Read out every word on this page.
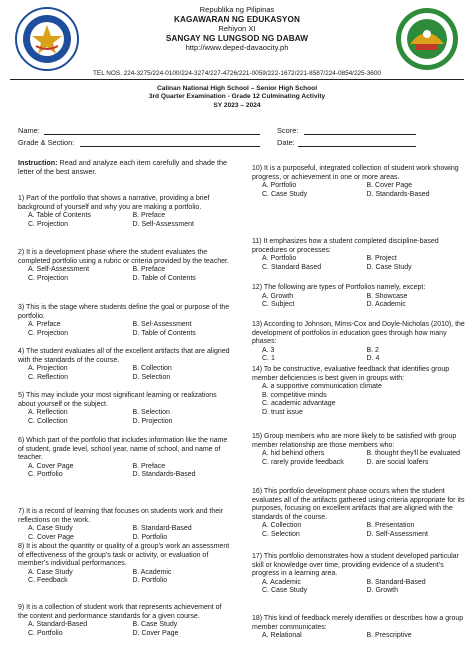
Republika ng Pilipinas
KAGAWARAN NG EDUKASYON
Rehiyon XI
SANGAY NG LUNGSOD NG DABAW
http://www.deped-davaocity.ph
TEL NOS. 224-3275/224-0100/224-3274/227-4726/221-0059/222-1672/221-8587/224-0854/225-3600
Calinan National High School – Senior High School
3rd Quarter Examination - Grade 12 Culminating Activity
SY 2023 – 2024
Name:
Grade & Section:
Score:
Date:
Instruction: Read and analyze each item carefully and shade the letter of the best answer.
1) Part of the portfolio that shows a narrative, providing a brief background of yourself and why you are making a portfolio.
A. Table of Contents	B. Preface
C. Projection	D. Self-Assessment
2) It is a development phase where the student evaluates the completed portfolio using a rubric or criteria provided by the teacher.
A. Self-Assessment	B. Preface
C. Projection	D. Table of Contents
3) This is the stage where students define the goal or purpose of the portfolio.
A. Preface	B. Sel-Assessment
C. Projection	D. Table of Contents
4) The student evaluates all of the excellent artifacts that are aligned with the standards of the course.
A. Projection	B. Collection
C. Reflection	D. Selection
5) This may include your most significant learning or realizations about yourself or the subject.
A. Reflection	B. Selection
C. Collection	D. Projection
6) Which part of the portfolio that includes information like the name of student, grade level, school year, name of school, and name of teacher.
A. Cover Page	B. Preface
C. Portfolio	D. Standards-Based
7) It is a record of learning that focuses on students work and their reflections on the work.
A. Case Study	B. Standard-Based
C. Cover Page	D. Portfolio
8) It is about the quantity or quality of a group’s work an assessment of effectiveness of the group’s task or activity, or evaluation of member’s individual performances.
A. Case Study	B. Academic
C. Feedback	D. Portfolio
9) It is a collection of student work that represents achievement of the content and performance standards for a given course.
A. Standard-Based	B. Case Study
C. Portfolio	D. Cover Page
10) It is a purposeful, integrated collection of student work showing progress, or achievement in one or more areas.
A. Portfolio	B. Cover Page
C. Case Study	D. Standards-Based
11) It emphasizes how a student completed discipline-based procedures or processes:
A. Portfolio	B. Project
C. Standard Based	D. Case Study
12) The following are types of Portfolios namely, except:
A. Growth	B. Showcase
C. Subject	D. Academic
13) According to Johnson, Mims-Cox and Doyle-Nicholas (2010), the development of portfolios in education goes through how many phases:
A. 3	B. 2
C. 1	D. 4
14) To be constructive, evaluative feedback that identifies group member deficiencies is best given in groups with:
A. a supportive communication climate
B. competitive minds
C. academic advantage
D. trust issue
15) Group members who are more likely to be satisfied with group member relationship are those members who:
A. hid behind others	B. thought they'll be evaluated
C. rarely provide feedback	D. are social loafers
16) This portfolio development phase occurs when the student evaluates all of the artifacts gathered using criteria appropriate for its purposes, focusing on excellent artifacts that are aligned with the standards of the course.
A. Collection	B. Presentation
C. Selection	D. Self-Assessment
17) This portfolio demonstrates how a student developed particular skill or knowledge over time, providing evidence of a student’s progress in a learning area.
A. Academic	B. Standard-Based
C. Case Study	D. Growth
18) This kind of feedback merely identifies or describes how a group member communicates:
A. Relational	B. Prescriptive
